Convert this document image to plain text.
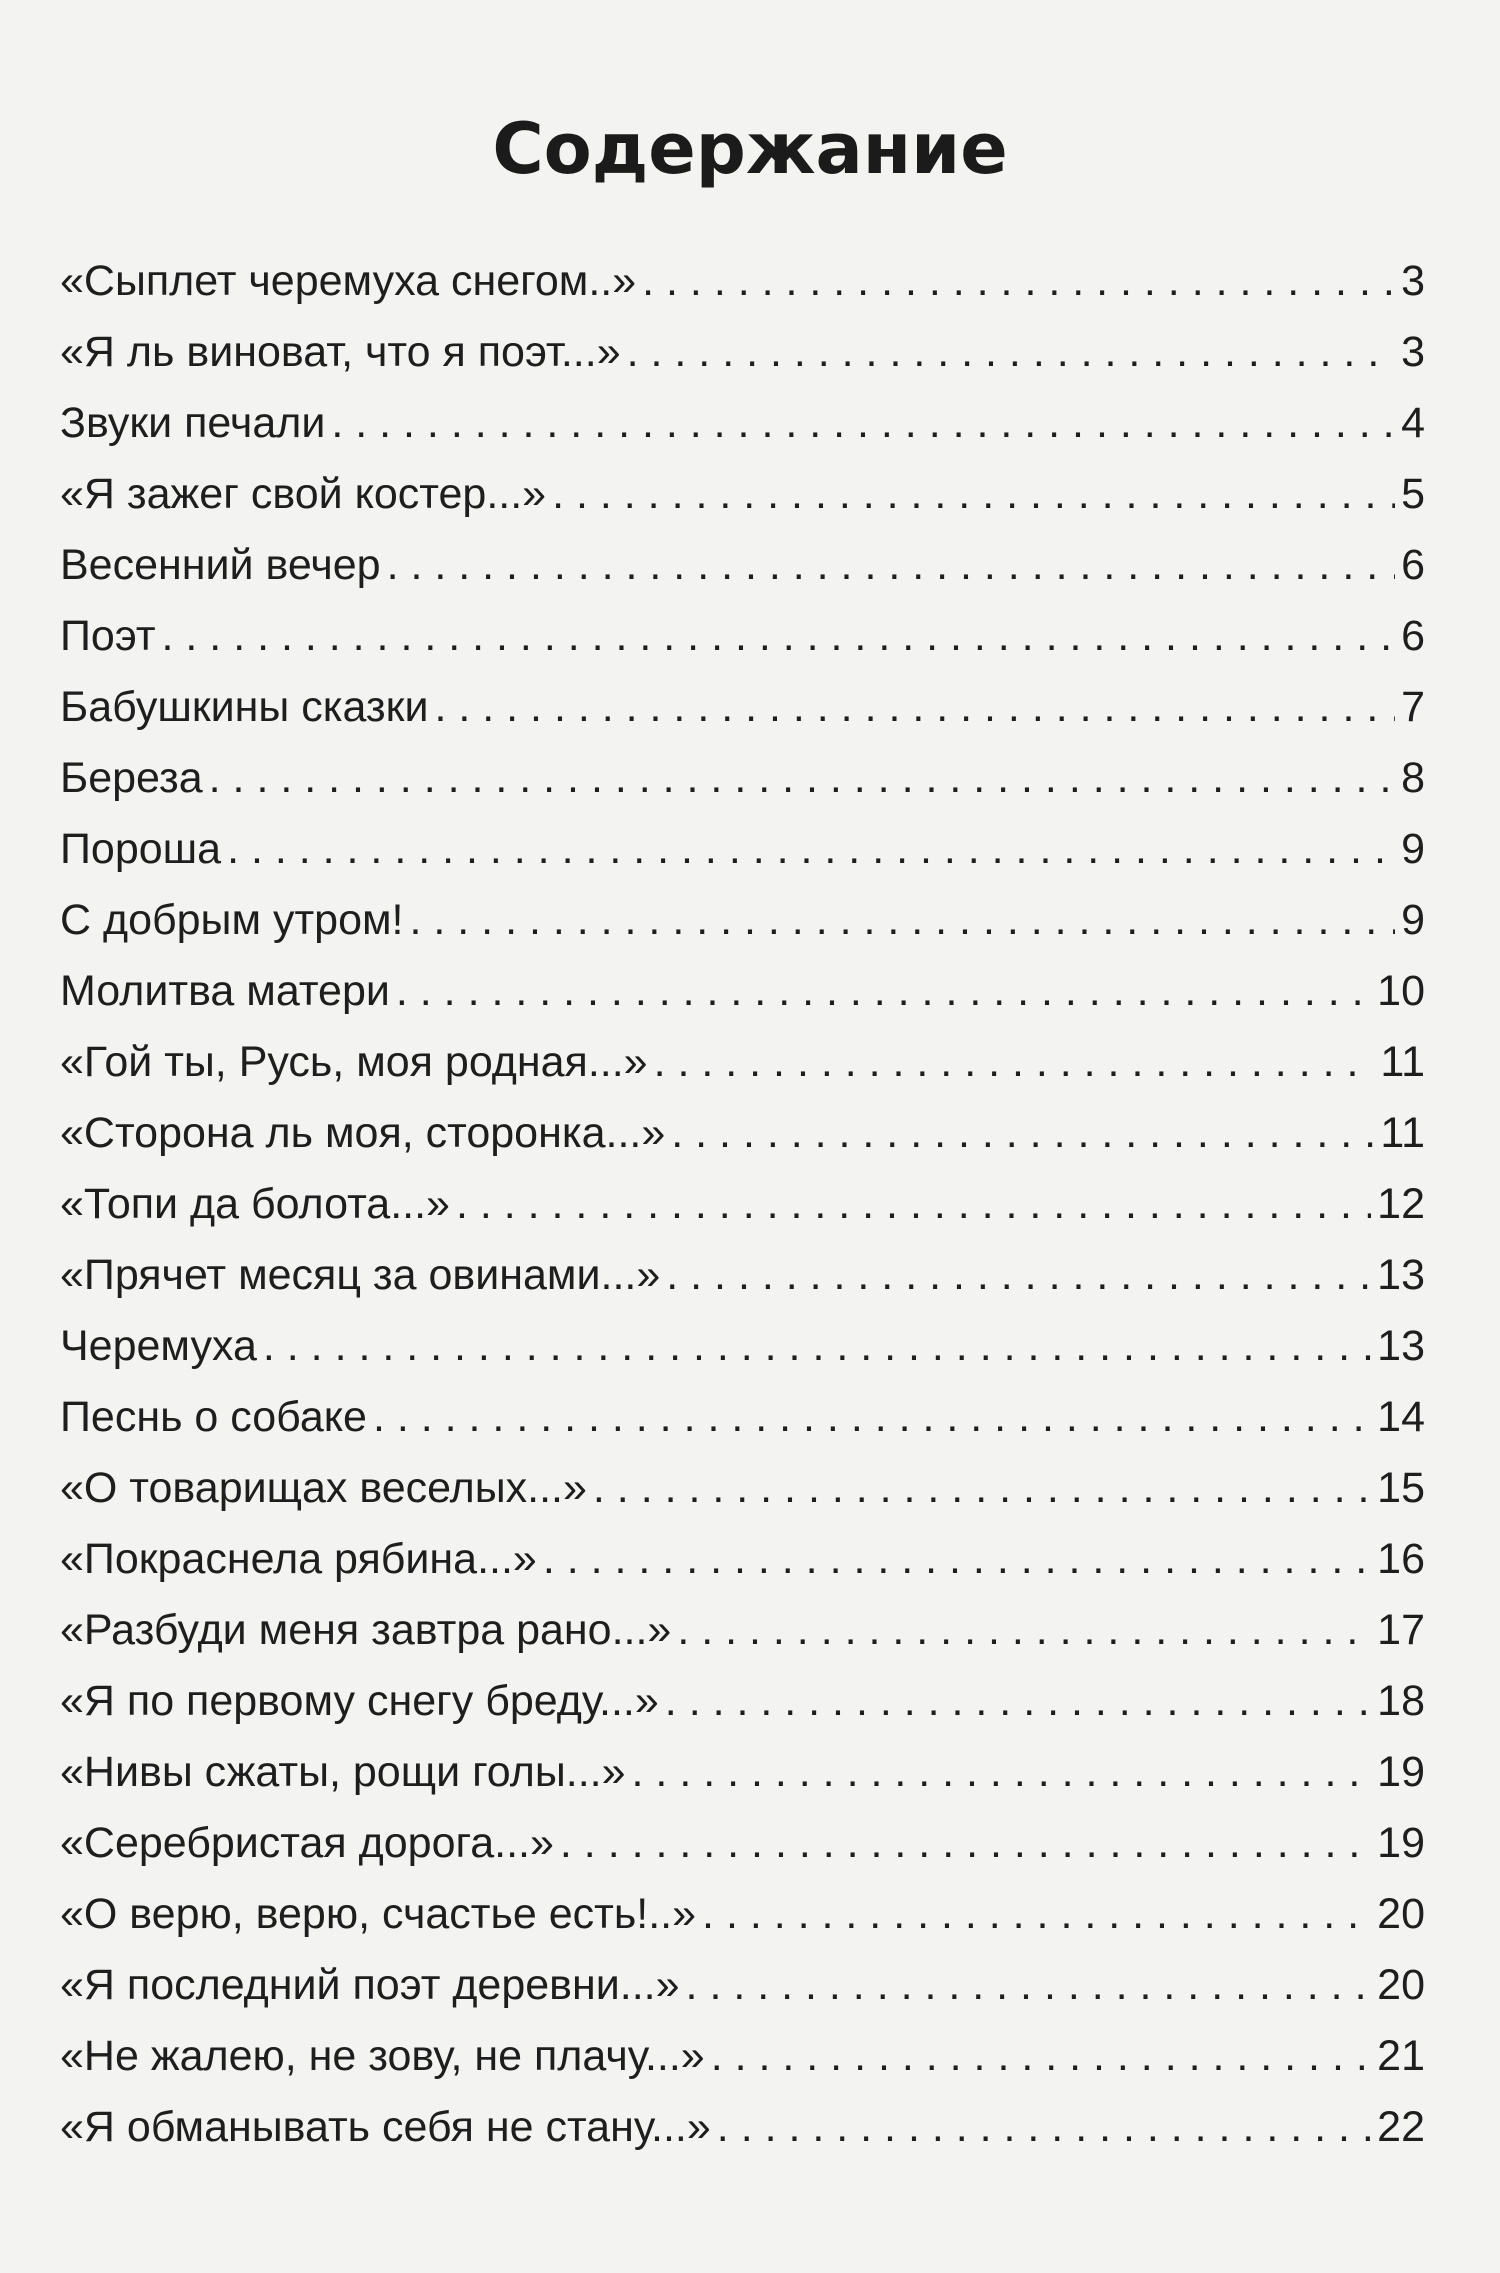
Содержание
«Сыплет черемуха снегом..» . . .	3
«Я ль виноват, что я поэт...» . . .	3
Звуки печали . . .	4
«Я зажег свой костер...» . . .	5
Весенний вечер . . .	6
Поэт . . .	6
Бабушкины сказки . . .	7
Береза . . .	8
Пороша . . .	9
С добрым утром! . . .	9
Молитва матери . . .	10
«Гой ты, Русь, моя родная...» . . .	11
«Сторона ль моя, сторонка...» . . .	11
«Топи да болота...» . . .	12
«Прячет месяц за овинами...» . . .	13
Черемуха . . .	13
Песнь о собаке . . .	14
«О товарищах веселых...» . . .	15
«Покраснела рябина...» . . .	16
«Разбуди меня завтра рано...» . . .	17
«Я по первому снегу бреду...» . . .	18
«Нивы сжаты, рощи голы...» . . .	19
«Серебристая дорога...» . . .	19
«О верю, верю, счастье есть!..» . . .	20
«Я последний поэт деревни...» . . .	20
«Не жалею, не зову, не плачу...» . . .	21
«Я обманывать себя не стану...» . . .	22
